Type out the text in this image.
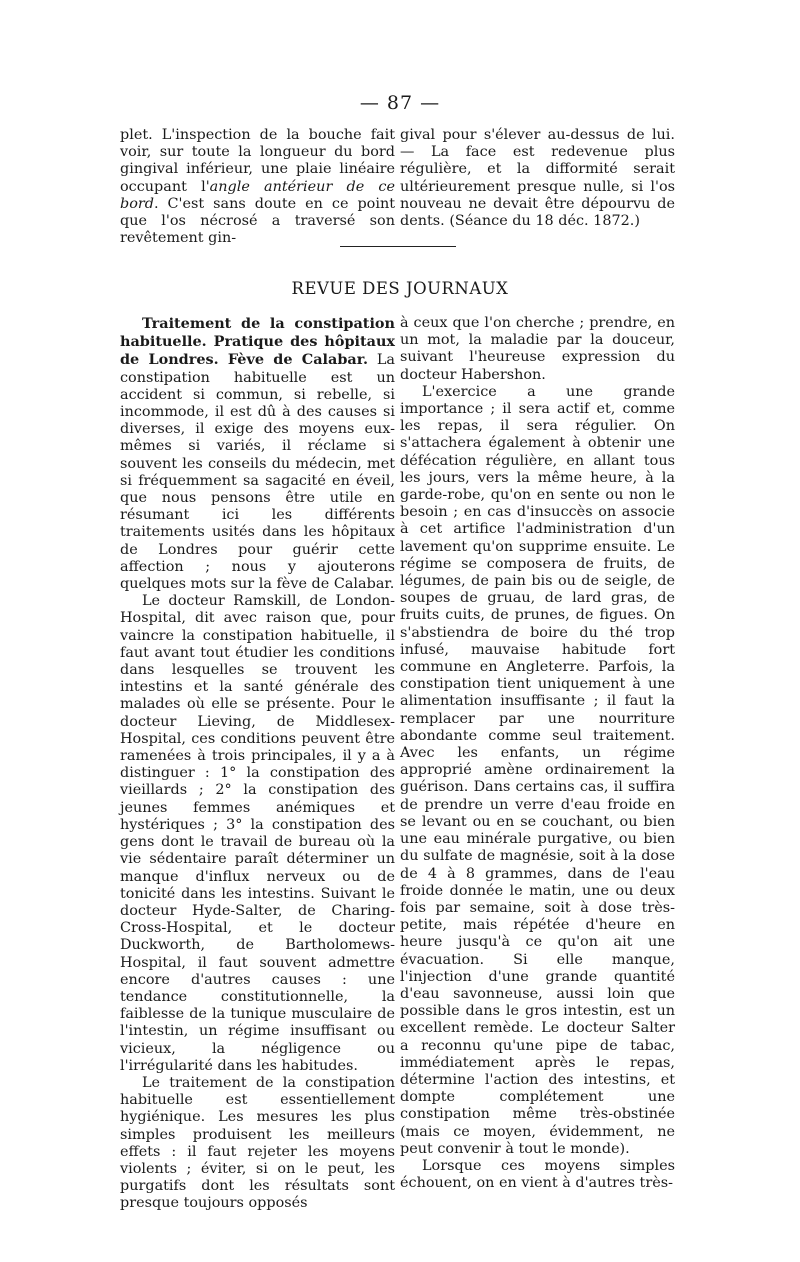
— 87 —

plet. L'inspection de la bouche fait voir, sur toute la longueur du bord gingival inférieur, une plaie linéaire occupant l'angle antérieur de ce bord. C'est sans doute en ce point que l'os nécrosé a traversé son revêtement gin-

gival pour s'élever au-dessus de lui. — La face est redevenue plus régulière, et la difformité serait ultérieurement presque nulle, si l'os nouveau ne devait être dépourvu de dents. (Séance du 18 déc. 1872.)

REVUE DES JOURNAUX

Traitement de la constipation habituelle. Pratique des hôpitaux de Londres. Fève de Calabar. La constipation habituelle est un accident si commun, si rebelle, si incommode, il est dû à des causes si diverses, il exige des moyens eux-mêmes si variés, il réclame si souvent les conseils du médecin, met si fréquemment sa sagacité en éveil, que nous pensons être utile en résumant ici les différents traitements usités dans les hôpitaux de Londres pour guérir cette affection ; nous y ajouterons quelques mots sur la fève de Calabar.

Le docteur Ramskill, de London-Hospital, dit avec raison que, pour vaincre la constipation habituelle, il faut avant tout étudier les conditions dans lesquelles se trouvent les intestins et la santé générale des malades où elle se présente. Pour le docteur Lieving, de Middlesex-Hospital, ces conditions peuvent être ramenées à trois principales, il y a à distinguer : 1° la constipation des vieillards ; 2° la constipation des jeunes femmes anémiques et hystériques ; 3° la constipation des gens dont le travail de bureau où la vie sédentaire paraît déterminer un manque d'influx nerveux ou de tonicité dans les intestins. Suivant le docteur Hyde-Salter, de Charing-Cross-Hospital, et le docteur Duckworth, de Bartholomews-Hospital, il faut souvent admettre encore d'autres causes : une tendance constitutionnelle, la faiblesse de la tunique musculaire de l'intestin, un régime insuffisant ou vicieux, la négligence ou l'irrégularité dans les habitudes.

Le traitement de la constipation habituelle est essentiellement hygiénique. Les mesures les plus simples produisent les meilleurs effets : il faut rejeter les moyens violents ; éviter, si on le peut, les purgatifs dont les résultats sont presque toujours opposés

à ceux que l'on cherche ; prendre, en un mot, la maladie par la douceur, suivant l'heureuse expression du docteur Habershon.

L'exercice a une grande importance ; il sera actif et, comme les repas, il sera régulier. On s'attachera également à obtenir une défécation régulière, en allant tous les jours, vers la même heure, à la garde-robe, qu'on en sente ou non le besoin ; en cas d'insuccès on associe à cet artifice l'administration d'un lavement qu'on supprime ensuite. Le régime se composera de fruits, de légumes, de pain bis ou de seigle, de soupes de gruau, de lard gras, de fruits cuits, de prunes, de figues. On s'abstiendra de boire du thé trop infusé, mauvaise habitude fort commune en Angleterre. Parfois, la constipation tient uniquement à une alimentation insuffisante ; il faut la remplacer par une nourriture abondante comme seul traitement. Avec les enfants, un régime approprié amène ordinairement la guérison. Dans certains cas, il suffira de prendre un verre d'eau froide en se levant ou en se couchant, ou bien une eau minérale purgative, ou bien du sulfate de magnésie, soit à la dose de 4 à 8 grammes, dans de l'eau froide donnée le matin, une ou deux fois par semaine, soit à dose très-petite, mais répétée d'heure en heure jusqu'à ce qu'on ait une évacuation. Si elle manque, l'injection d'une grande quantité d'eau savonneuse, aussi loin que possible dans le gros intestin, est un excellent remède. Le docteur Salter a reconnu qu'une pipe de tabac, immédiatement après le repas, détermine l'action des intestins, et dompte complétement une constipation même très-obstinée (mais ce moyen, évidemment, ne peut convenir à tout le monde).

Lorsque ces moyens simples échouent, on en vient à d'autres très-
